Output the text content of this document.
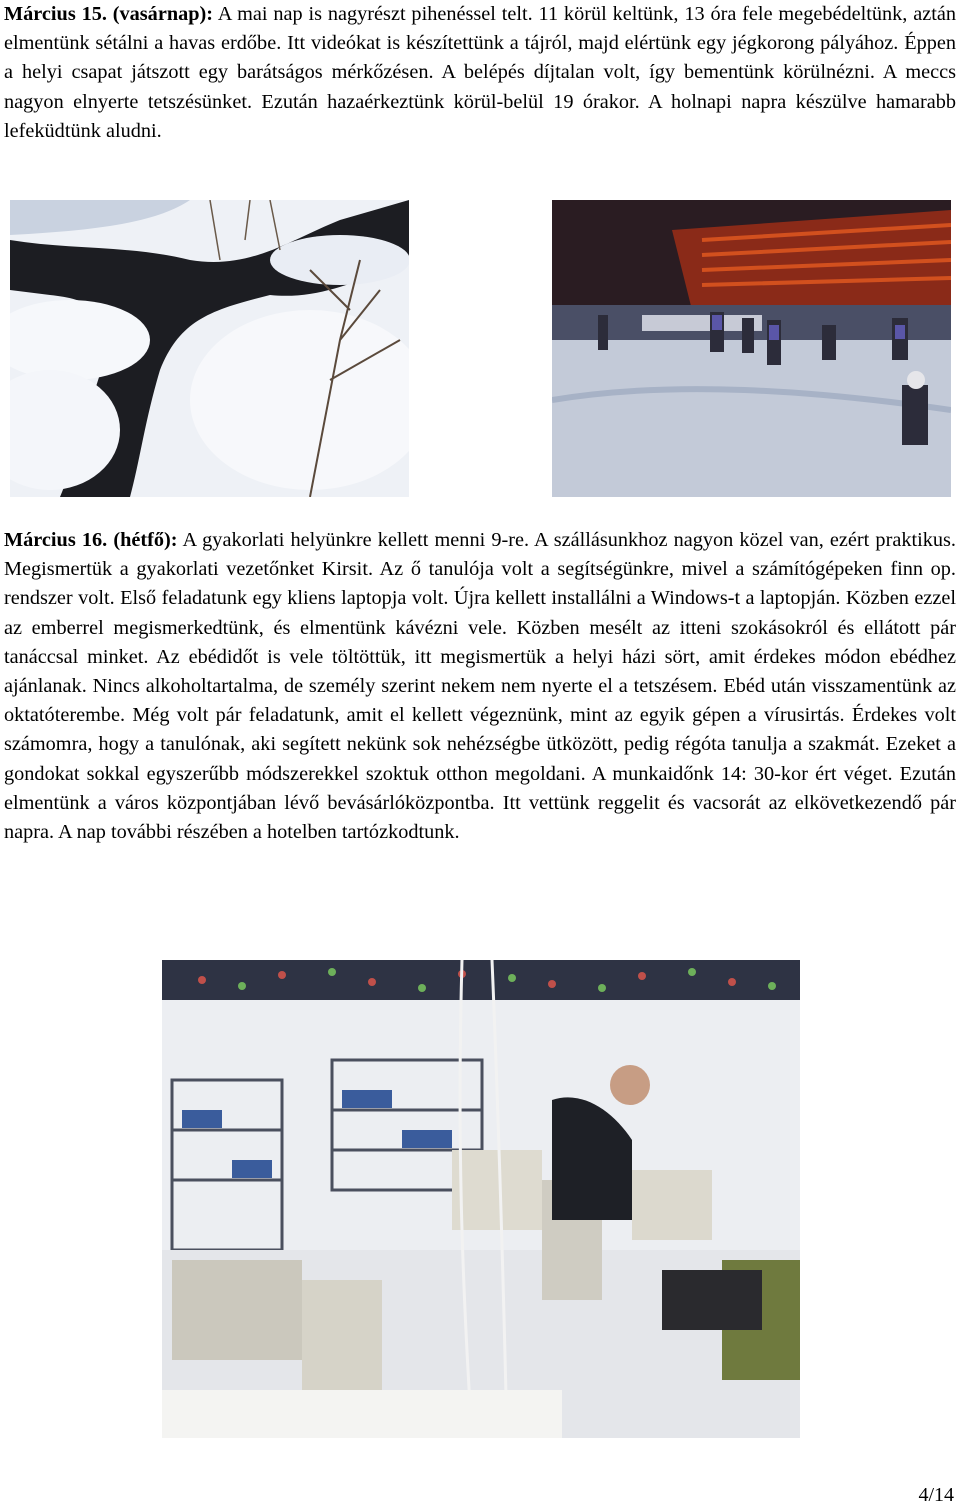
Március 15. (vasárnap): A mai nap is nagyrészt pihenéssel telt. 11 körül keltünk, 13 óra fele megebédeltünk, aztán elmentünk sétálni a havas erdőbe. Itt videókat is készítettünk a tájról, majd elértünk egy jégkorong pályához. Éppen a helyi csapat játszott egy barátságos mérkőzésen. A belépés díjtalan volt, így bementünk körülnézni. A meccs nagyon elnyerte tetszésünket. Ezután hazaérkeztünk körül-belül 19 órakor. A holnapi napra készülve hamarabb lefeküdtünk aludni.

Március 16. (hétfő): A gyakorlati helyünkre kellett menni 9-re. A szállásunkhoz nagyon közel van, ezért praktikus. Megismertük a gyakorlati vezetőnket Kirsit. Az ő tanulója volt a segítségünkre, mivel a számítógépeken finn op. rendszer volt. Első feladatunk egy kliens laptopja volt. Újra kellett installálni a Windows-t a laptopján. Közben ezzel az emberrel megismerkedtünk, és elmentünk kávézni vele. Közben mesélt az itteni szokásokról és ellátott pár tanáccsal minket. Az ebédidőt is vele töltöttük, itt megismertük a helyi házi sört, amit érdekes módon ebédhez ajánlanak. Nincs alkoholtartalma, de személy szerint nekem nem nyerte el a tetszésem. Ebéd után visszamentünk az oktatóterembe. Még volt pár feladatunk, amit el kellett végeznünk, mint az egyik gépen a vírusirtás. Érdekes volt számomra, hogy a tanulónak, aki segített nekünk sok nehézségbe ütközött, pedig régóta tanulja a szakmát. Ezeket a gondokat sokkal egyszerűbb módszerekkel szoktuk otthon megoldani. A munkaidőnk 14: 30-kor ért véget. Ezután elmentünk a város központjában lévő bevásárlóközpontba. Itt vettünk reggelit és vacsorát az elkövetkezendő pár napra. A nap további részében a hotelben tartózkodtunk.

4/14
